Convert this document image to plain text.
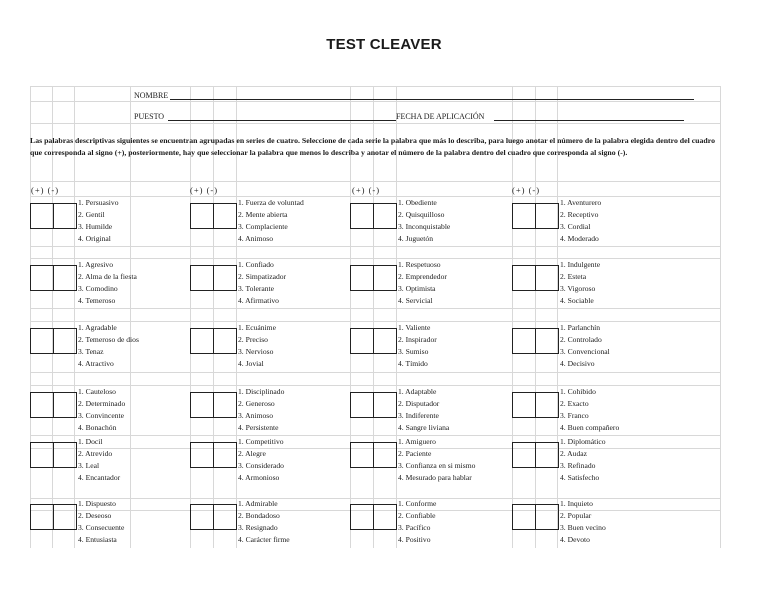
TEST CLEAVER
NOMBRE
PUESTO	FECHA DE APLICACIÓN
Las palabras descriptivas siguientes se encuentran agrupadas en series de cuatro. Seleccione de cada serie la palabra que más lo describa, para luego anotar el número de la palabra elegida dentro del cuadro que corresponda al signo (+), posteriormente, hay que seleccionar la palabra que menos lo describa y anotar el número de la palabra dentro del cuadro que corresponda al signo (-).
(+) (-)	(+) (-)	(+) (-)	(+) (-)
1. Persuasivo
2. Gentil
3. Humilde
4. Original
1. Fuerza de voluntad
2. Mente abierta
3. Complaciente
4. Animoso
1. Obediente
2. Quisquilloso
3. Inconquistable
4. Juguetón
1. Aventurero
2. Receptivo
3. Cordial
4. Moderado
1. Agresivo
2. Alma de la fiesta
3. Comodino
4. Temeroso
1. Confiado
2. Simpatizador
3. Tolerante
4. Afirmativo
1. Respetuoso
2. Emprendedor
3. Optimista
4. Servicial
1. Indulgente
2. Esteta
3. Vigoroso
4. Sociable
1. Agradable
2. Temeroso de dios
3. Tenaz
4. Atractivo
1. Ecuánime
2. Preciso
3. Nervioso
4. Jovial
1. Valiente
2. Inspirador
3. Sumiso
4. Tímido
1. Parlanchín
2. Controlado
3. Convencional
4. Decisivo
1. Cauteloso
2. Determinado
3. Convincente
4. Bonachón
1. Disciplinado
2. Generoso
3. Animoso
4. Persistente
1. Adaptable
2. Disputador
3. Indiferente
4. Sangre liviana
1. Cohibido
2. Exacto
3. Franco
4. Buen compañero
1. Docil
2. Atrevido
3. Leal
4. Encantador
1. Competitivo
2. Alegre
3. Considerado
4. Armonioso
1. Amiguero
2. Paciente
3. Confianza en si mismo
4. Mesurado para hablar
1. Diplomático
2. Audaz
3. Refinado
4. Satisfecho
1. Dispuesto
2. Deseoso
3. Consecuente
4. Entusiasta
1. Admirable
2. Bondadoso
3. Resignado
4. Carácter firme
1. Conforme
2. Confiable
3. Pacífico
4. Positivo
1. Inquieto
2. Popular
3. Buen vecino
4. Devoto
